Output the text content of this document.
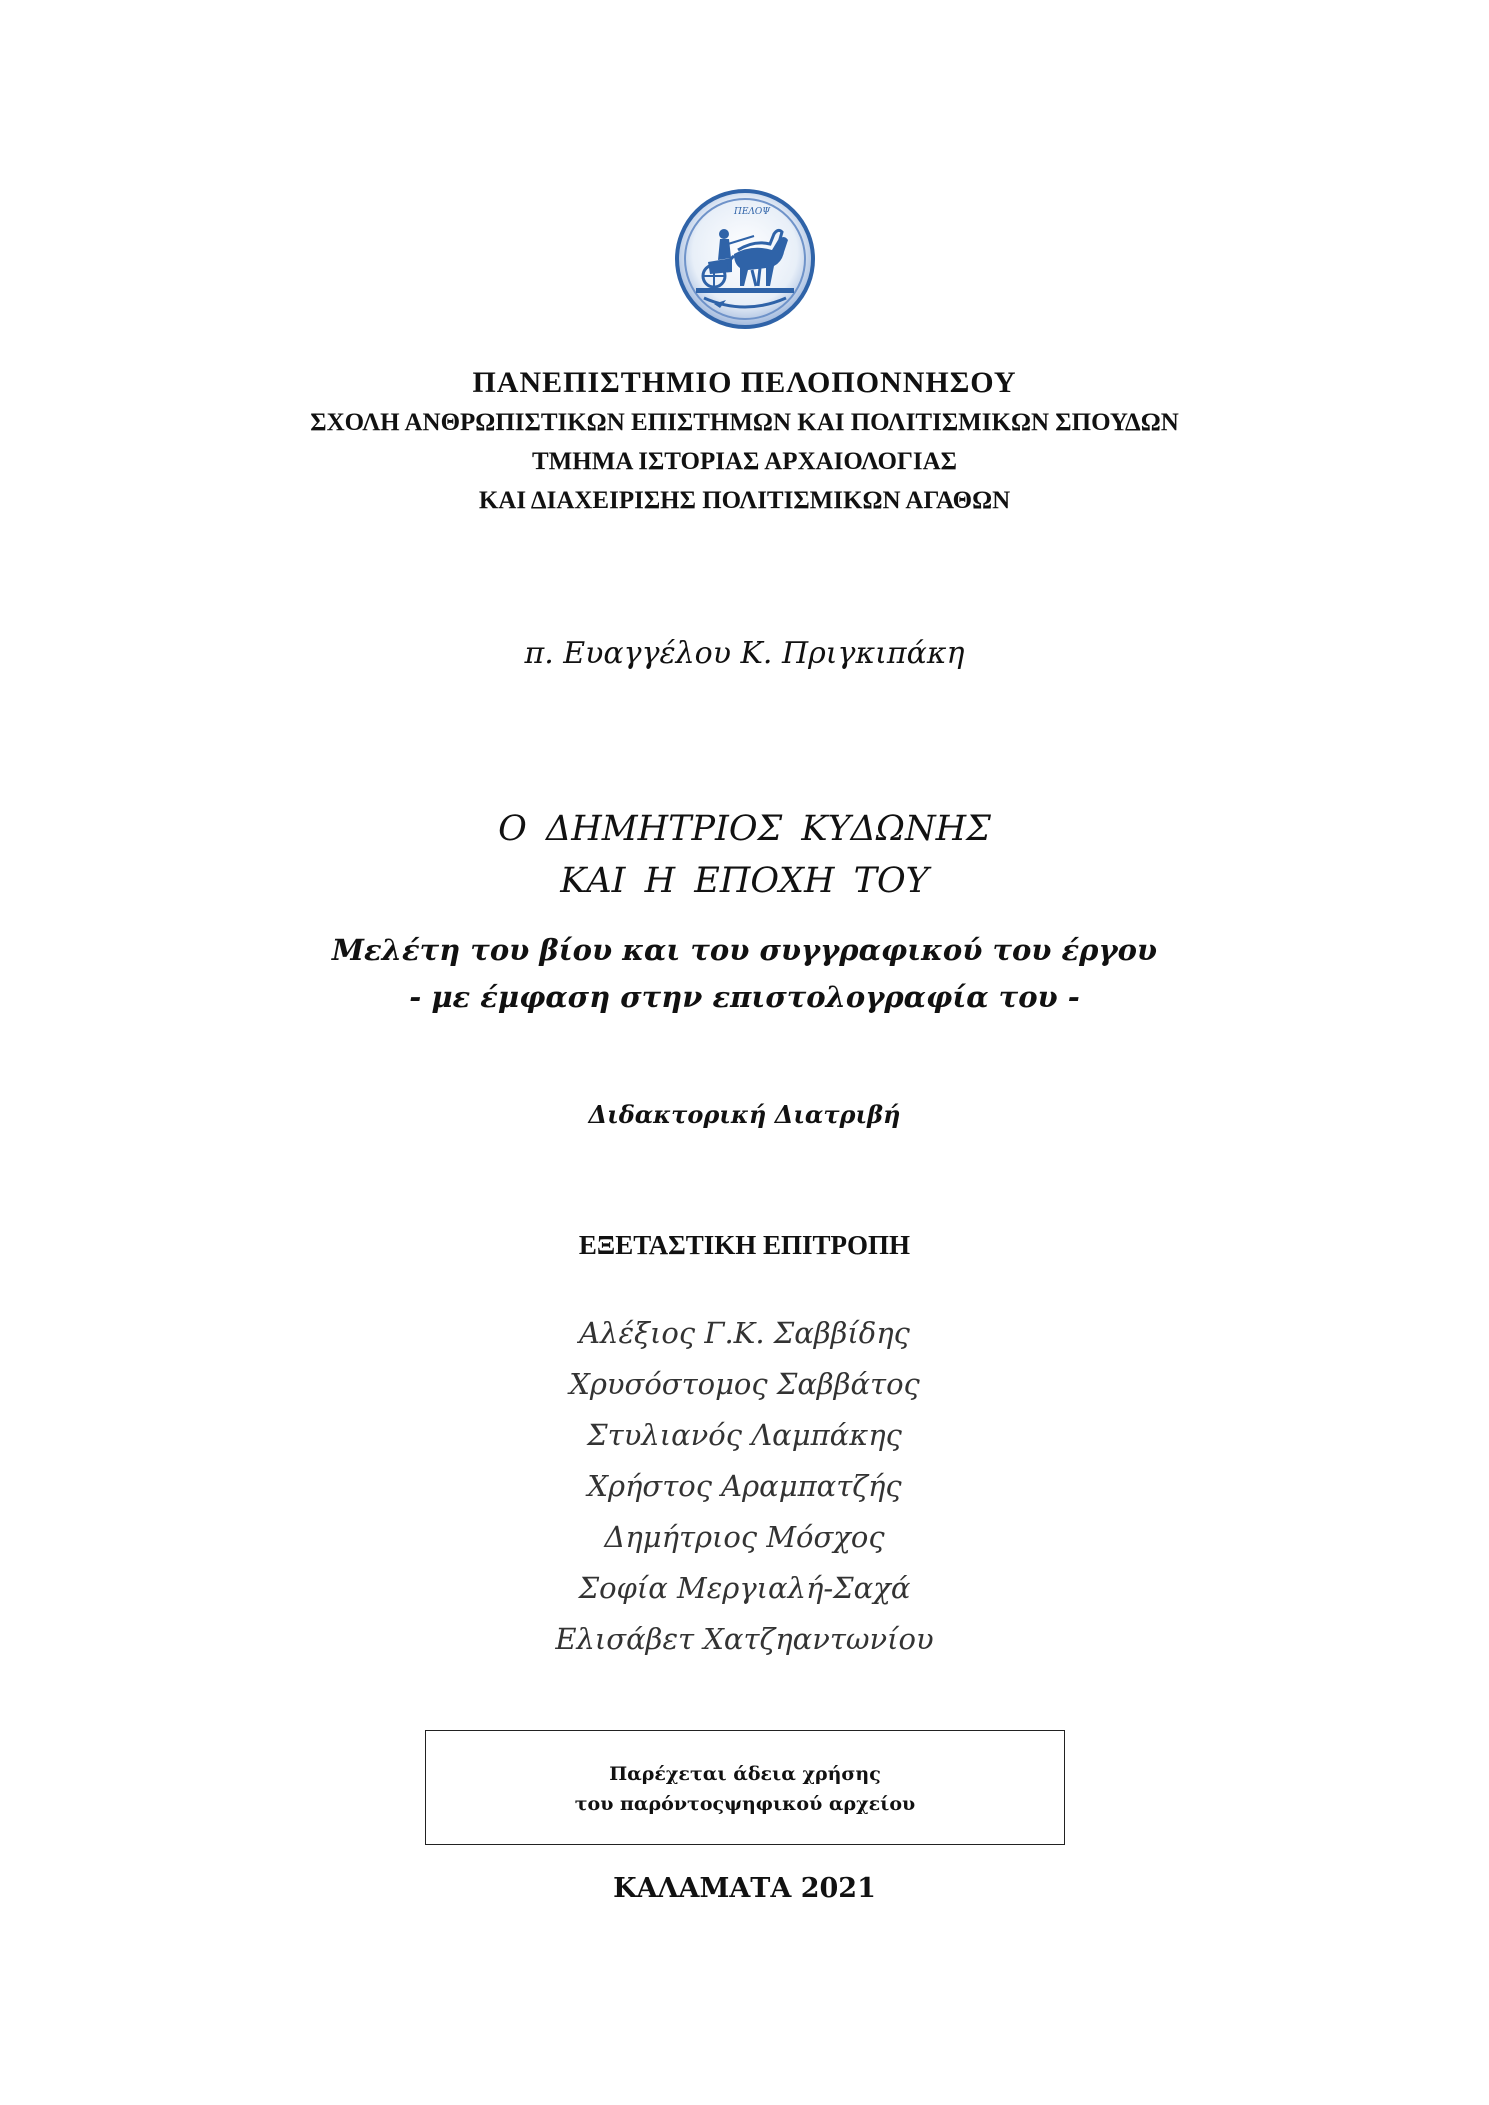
ΠΕΛΟΨ
ΠΑΝΕΠΙΣΤΗΜΙΟ ΠΕΛΟΠΟΝΝΗΣΟΥ
ΣΧΟΛΗ ΑΝΘΡΩΠΙΣΤΙΚΩΝ ΕΠΙΣΤΗΜΩΝ ΚΑΙ ΠΟΛΙΤΙΣΜΙΚΩΝ ΣΠΟΥΔΩΝ
ΤΜΗΜΑ ΙΣΤΟΡΙΑΣ ΑΡΧΑΙΟΛΟΓΙΑΣ
ΚΑΙ ΔΙΑΧΕΙΡΙΣΗΣ ΠΟΛΙΤΙΣΜΙΚΩΝ ΑΓΑΘΩΝ
π. Ευαγγέλου Κ. Πριγκιπάκη
Ο ΔΗΜΗΤΡΙΟΣ ΚΥΔΩΝΗΣ
ΚΑΙ Η ΕΠΟΧΗ ΤΟΥ
Μελέτη του βίου και του συγγραφικού του έργου
- με έμφαση στην επιστολογραφία του -
Διδακτορική Διατριβή
ΕΞΕΤΑΣΤΙΚΗ ΕΠΙΤΡΟΠΗ
Αλέξιος Γ.Κ. Σαββίδης
Χρυσόστομος Σαββάτος
Στυλιανός Λαμπάκης
Χρήστος Αραμπατζής
Δημήτριος Μόσχος
Σοφία Μεργιαλή-Σαχά
Ελισάβετ Χατζηαντωνίου
Παρέχεται άδεια χρήσης
του παρόντοςψηφικού αρχείου
ΚΑΛΑΜΑΤΑ 2021
